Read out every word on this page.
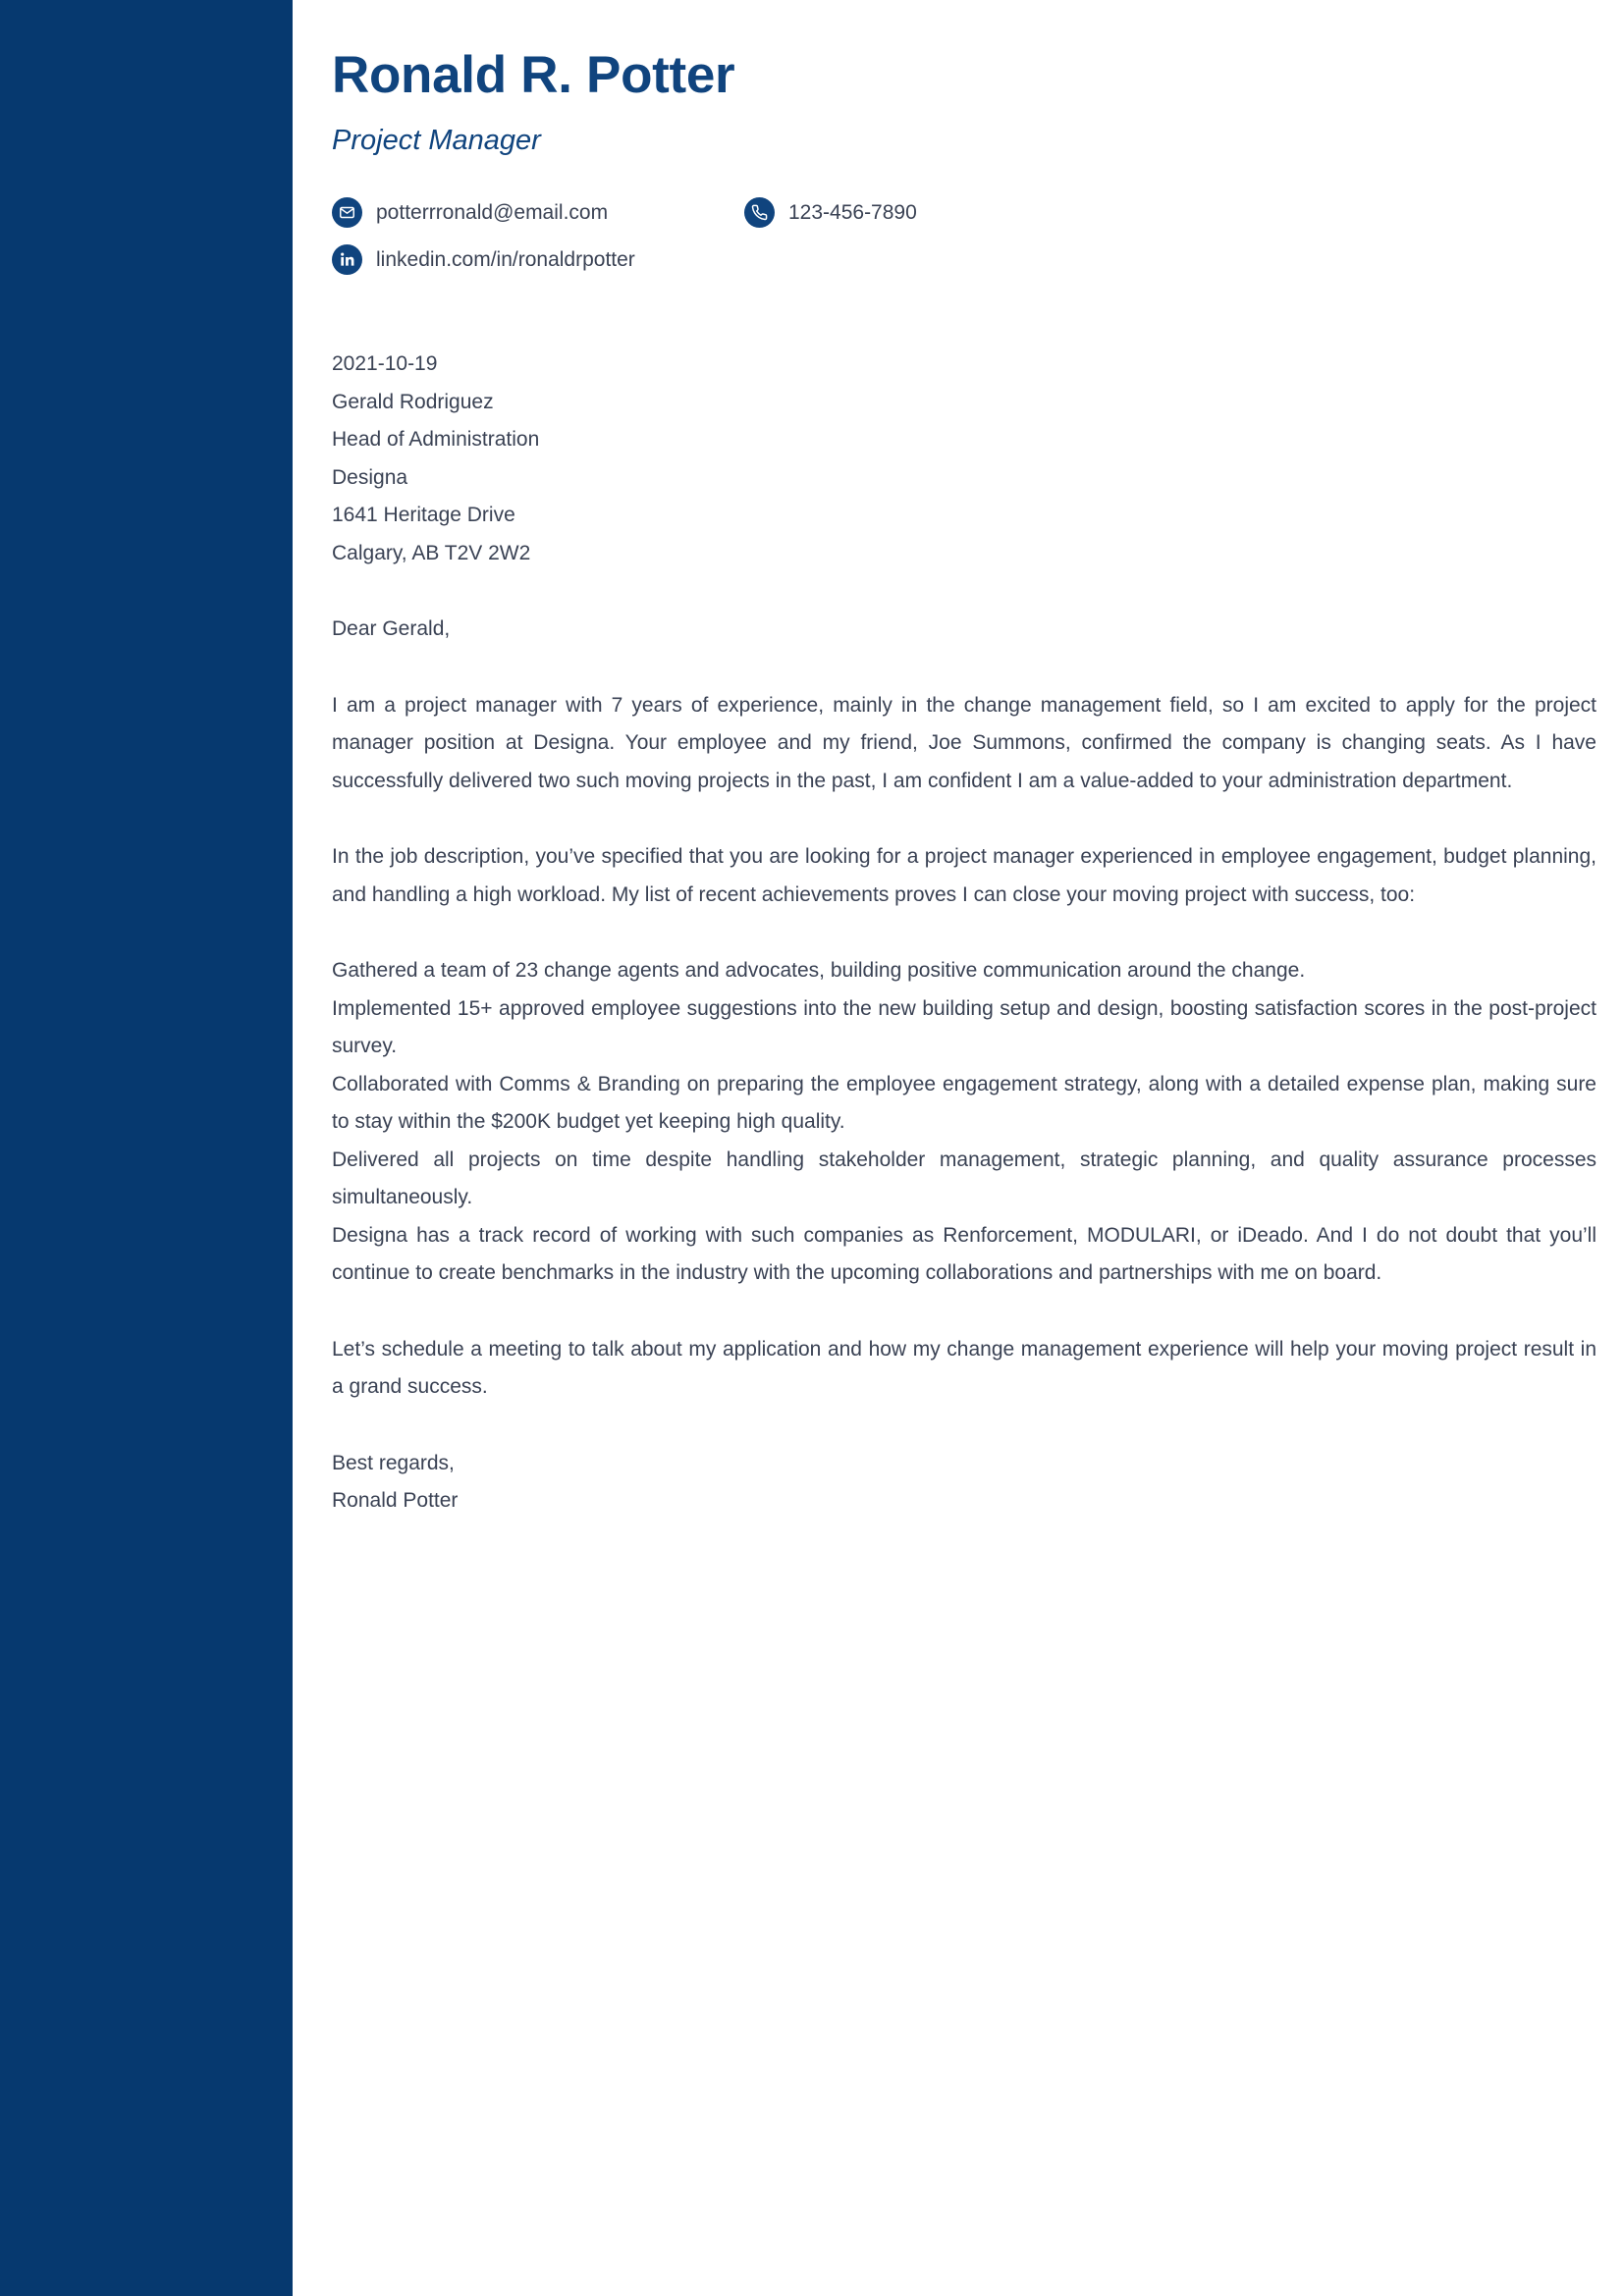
Ronald R. Potter
Project Manager
potterrronald@email.com	123-456-7890
linkedin.com/in/ronaldrpotter
2021-10-19
Gerald Rodriguez
Head of Administration
Designa
1641 Heritage Drive
Calgary, AB T2V 2W2
Dear Gerald,
I am a project manager with 7 years of experience, mainly in the change management field, so I am excited to apply for the project manager position at Designa. Your employee and my friend, Joe Summons, confirmed the company is changing seats. As I have successfully delivered two such moving projects in the past, I am confident I am a value-added to your administration department.
In the job description, you’ve specified that you are looking for a project manager experienced in employee engagement, budget planning, and handling a high workload. My list of recent achievements proves I can close your moving project with success, too:
Gathered a team of 23 change agents and advocates, building positive communication around the change.
Implemented 15+ approved employee suggestions into the new building setup and design, boosting satisfaction scores in the post-project survey.
Collaborated with Comms & Branding on preparing the employee engagement strategy, along with a detailed expense plan, making sure to stay within the $200K budget yet keeping high quality.
Delivered all projects on time despite handling stakeholder management, strategic planning, and quality assurance processes simultaneously.
Designa has a track record of working with such companies as Renforcement, MODULARI, or iDeado. And I do not doubt that you’ll continue to create benchmarks in the industry with the upcoming collaborations and partnerships with me on board.
Let’s schedule a meeting to talk about my application and how my change management experience will help your moving project result in a grand success.
Best regards,
Ronald Potter
